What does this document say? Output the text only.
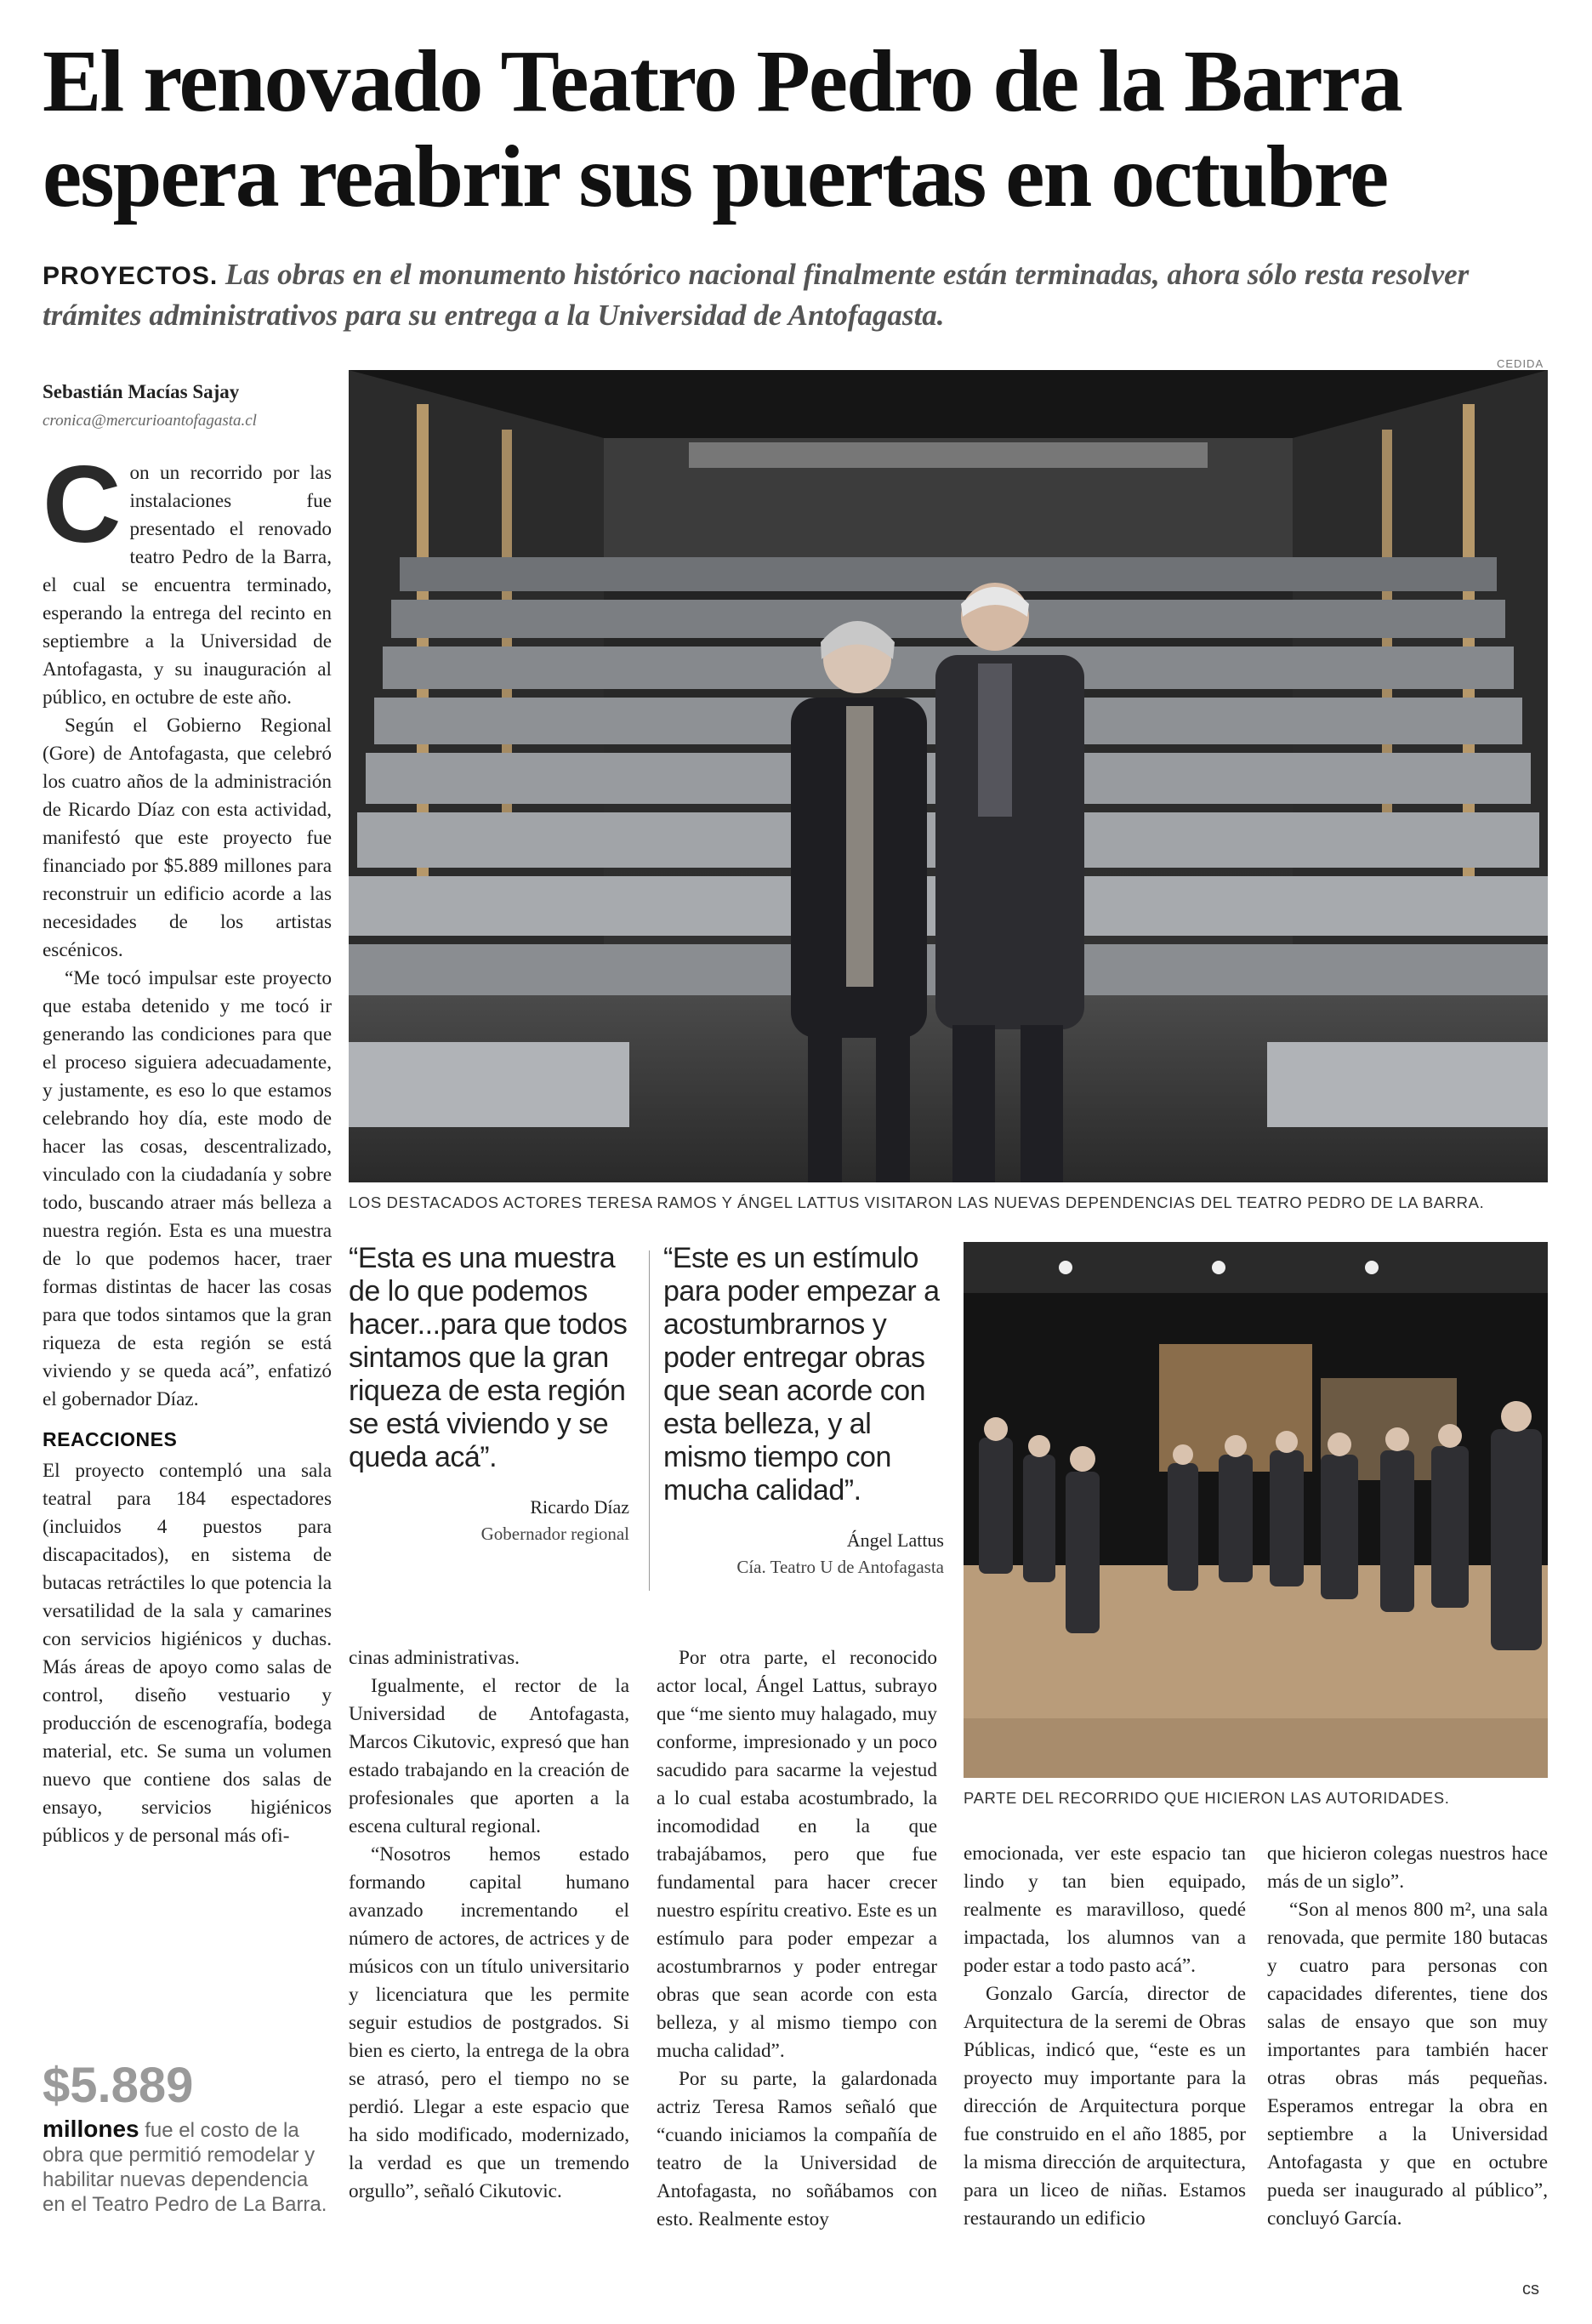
El renovado Teatro Pedro de la Barra
espera reabrir sus puertas en octubre
PROYECTOS. Las obras en el monumento histórico nacional finalmente están terminadas, ahora sólo resta resolver trámites administrativos para su entrega a la Universidad de Antofagasta.
Sebastián Macías Sajay
cronica@mercurioantofagasta.cl

Con un recorrido por las instalaciones fue presentado el renovado teatro Pedro de la Barra, el cual se encuentra terminado, esperando la entrega del recinto en septiembre a la Universidad de Antofagasta, y su inauguración al público, en octubre de este año.

Según el Gobierno Regional (Gore) de Antofagasta, que celebró los cuatro años de la administración de Ricardo Díaz con esta actividad, manifestó que este proyecto fue financiado por $5.889 millones para reconstruir un edificio acorde a las necesidades de los artistas escénicos.

“Me tocó impulsar este proyecto que estaba detenido y me tocó ir generando las condiciones para que el proceso siguiera adecuadamente, y justamente, es eso lo que estamos celebrando hoy día, este modo de hacer las cosas, descentralizado, vinculado con la ciudadanía y sobre todo, buscando atraer más belleza a nuestra región. Esta es una muestra de lo que podemos hacer, traer formas distintas de hacer las cosas para que todos sintamos que la gran riqueza de esta región se está viviendo y se queda acá”, enfatizó el gobernador Díaz.

REACCIONES

El proyecto contempló una sala teatral para 184 espectadores (incluidos 4 puestos para discapacitados), en sistema de butacas retráctiles lo que potencia la versatilidad de la sala y camarines con servicios higiénicos y duchas. Más áreas de apoyo como salas de control, diseño vestuario y producción de escenografía, bodega material, etc. Se suma un volumen nuevo que contiene dos salas de ensayo, servicios higiénicos públicos y de personal más ofi-

$5.889
millones fue el costo de la obra que permitió remodelar y habilitar nuevas dependencia en el Teatro Pedro de La Barra.
CEDIDA
LOS DESTACADOS ACTORES TERESA RAMOS Y ÁNGEL LATTUS VISITARON LAS NUEVAS DEPENDENCIAS DEL TEATRO PEDRO DE LA BARRA.
“Esta es una muestra de lo que podemos hacer...para que todos sintamos que la gran riqueza de esta región se está viviendo y se queda acá”.
Ricardo Díaz
Gobernador regional
“Este es un estímulo para poder empezar a acostumbrarnos y poder entregar obras que sean acorde con esta belleza, y al mismo tiempo con mucha calidad”.
Ángel Lattus
Cía. Teatro U de Antofagasta
PARTE DEL RECORRIDO QUE HICIERON LAS AUTORIDADES.

cinas administrativas.

Igualmente, el rector de la Universidad de Antofagasta, Marcos Cikutovic, expresó que han estado trabajando en la creación de profesionales que aporten a la escena cultural regional.

“Nosotros hemos estado formando capital humano avanzado incrementando el número de actores, de actrices y de músicos con un título universitario y licenciatura que les permite seguir estudios de postgrados. Si bien es cierto, la entrega de la obra se atrasó, pero el tiempo no se perdió. Llegar a este espacio que ha sido modificado, modernizado, la verdad es que un tremendo orgullo”, señaló Cikutovic.

Por otra parte, el reconocido actor local, Ángel Lattus, subrayo que “me siento muy halagado, muy conforme, impresionado y un poco sacudido para sacarme la vejestud a lo cual estaba acostumbrado, la incomodidad en la que trabajábamos, pero que fue fundamental para hacer crecer nuestro espíritu creativo. Este es un estímulo para poder empezar a acostumbrarnos y poder entregar obras que sean acorde con esta belleza, y al mismo tiempo con mucha calidad”.

Por su parte, la galardonada actriz Teresa Ramos señaló que “cuando iniciamos la compañía de teatro de la Universidad de Antofagasta, no soñábamos con esto. Realmente estoy

emocionada, ver este espacio tan lindo y tan bien equipado, realmente es maravilloso, quedé impactada, los alumnos van a poder estar a todo pasto acá”.

Gonzalo García, director de Arquitectura de la seremi de Obras Públicas, indicó que, “este es un proyecto muy importante para la dirección de Arquitectura porque fue construido en el año 1885, por la misma dirección de arquitectura, para un liceo de niñas. Estamos restaurando un edificio

que hicieron colegas nuestros hace más de un siglo”.

“Son al menos 800 m², una sala renovada, que permite 180 butacas y cuatro para personas con capacidades diferentes, tiene dos salas de ensayo que son muy importantes para también hacer otras obras más pequeñas. Esperamos entregar la obra en septiembre a la Universidad Antofagasta y que en octubre pueda ser inaugurado al público”, concluyó García.

cs
